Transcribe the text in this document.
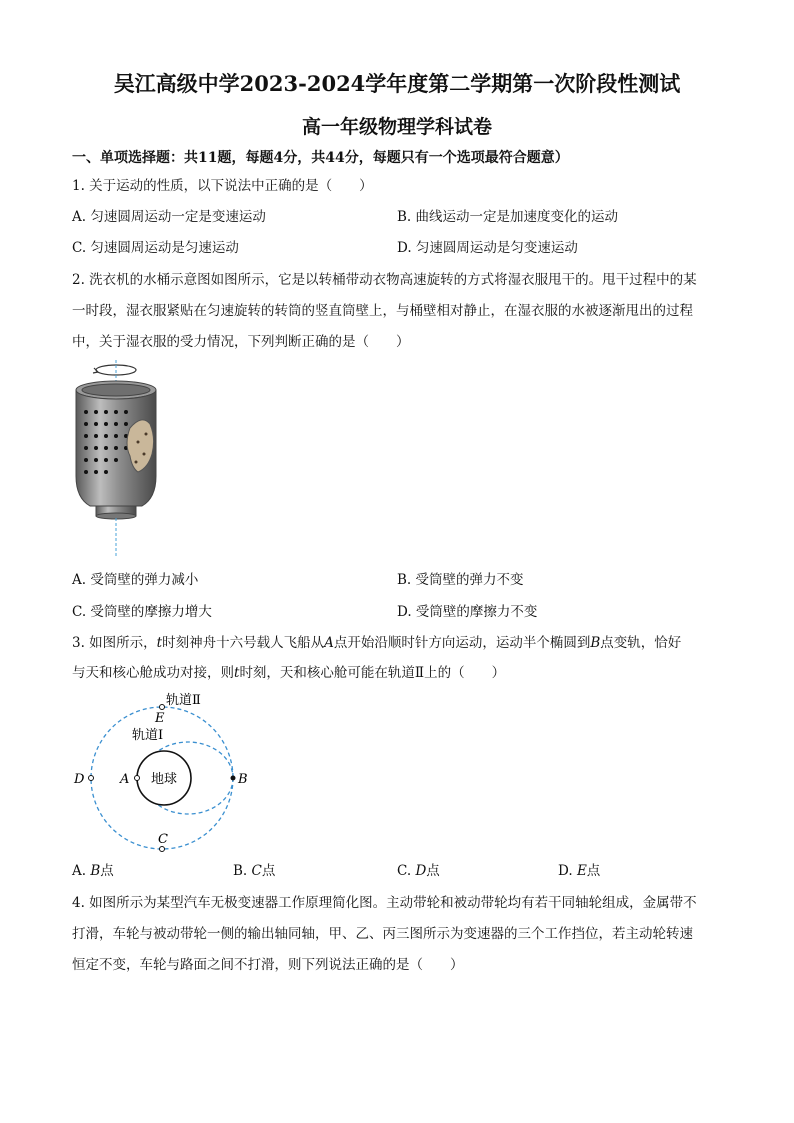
吴江高级中学2023-2024学年度第二学期第一次阶段性测试
高一年级物理学科试卷
一、单项选择题：共11题，每题4分，共44分，每题只有一个选项最符合题意）
1. 关于运动的性质，以下说法中正确的是（　　）
A. 匀速圆周运动一定是变速运动	B. 曲线运动一定是加速度变化的运动
C. 匀速圆周运动是匀速运动	D. 匀速圆周运动是匀变速运动
2. 洗衣机的水桶示意图如图所示，它是以转桶带动衣物高速旋转的方式将湿衣服甩干的。甩干过程中的某
一时段，湿衣服紧贴在匀速旋转的转筒的竖直筒壁上，与桶壁相对静止，在湿衣服的水被逐渐甩出的过程
中，关于湿衣服的受力情况，下列判断正确的是（　　）
A. 受筒壁的弹力减小	B. 受筒壁的弹力不变
C. 受筒壁的摩擦力增大	D. 受筒壁的摩擦力不变
3. 如图所示，t时刻神舟十六号载人飞船从A点开始沿顺时针方向运动，运动半个椭圆到B点变轨，恰好
与天和核心舱成功对接，则t时刻，天和核心舱可能在轨道Ⅱ上的（　　）
地球
轨道Ⅱ
E
轨道Ⅰ
D	A	B
C
A. B点	B. C点	C. D点	D. E点
4. 如图所示为某型汽车无极变速器工作原理简化图。主动带轮和被动带轮均有若干同轴轮组成，金属带不
打滑，车轮与被动带轮一侧的输出轴同轴，甲、乙、丙三图所示为变速器的三个工作挡位，若主动轮转速
恒定不变，车轮与路面之间不打滑，则下列说法正确的是（　　）
